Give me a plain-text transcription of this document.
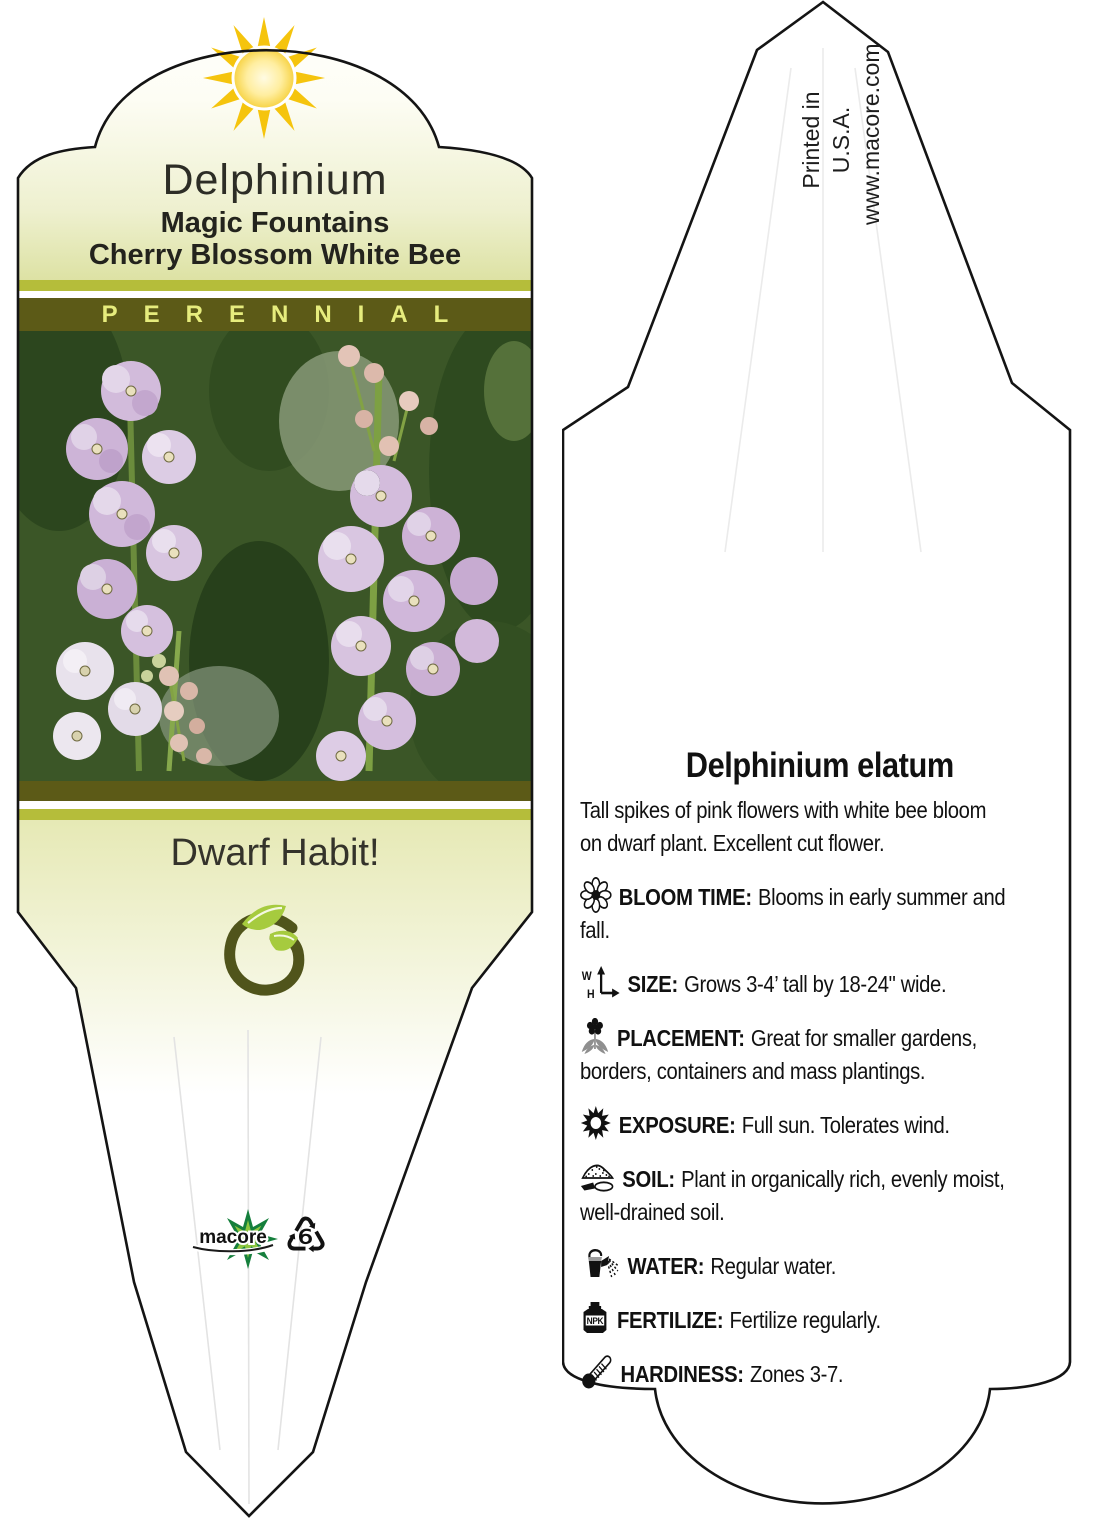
Delphinium
Magic Fountains
Cherry Blossom White Bee
PERENNIAL
Dwarf Habit!
macore ♸
Printed in U.S.A. www.macore.com
Delphinium elatum

Tall spikes of pink flowers with white bee bloom
on dwarf plant. Excellent cut flower.

BLOOM TIME: Blooms in early summer and
fall.

W
H SIZE: Grows 3-4’ tall by 18-24" wide.

PLACEMENT: Great for smaller gardens,
borders, containers and mass plantings.

EXPOSURE: Full sun. Tolerates wind.

SOIL: Plant in organically rich, evenly moist,
well-drained soil.

WATER: Regular water.

NPK FERTILIZE: Fertilize regularly.

HARDINESS: Zones 3-7.
